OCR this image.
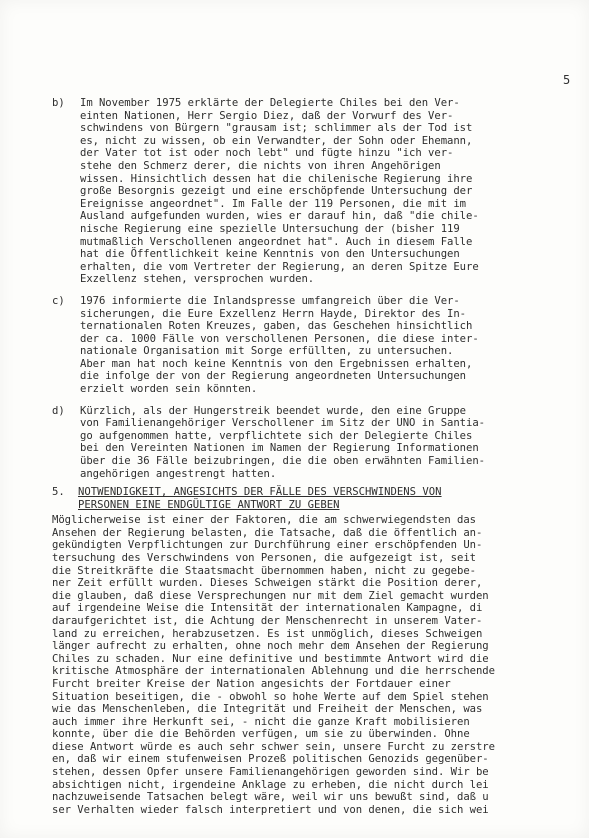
5
b)	Im November 1975 erklärte der Delegierte Chiles bei den Ver-
einten Nationen, Herr Sergio Diez, daß der Vorwurf des Ver-
schwindens von Bürgern "grausam ist; schlimmer als der Tod ist
es, nicht zu wissen, ob ein Verwandter, der Sohn oder Ehemann,
der Vater tot ist oder noch lebt" und fügte hinzu "ich ver-
stehe den Schmerz derer, die nichts von ihren Angehörigen
wissen. Hinsichtlich dessen hat die chilenische Regierung ihre
große Besorgnis gezeigt und eine erschöpfende Untersuchung der
Ereignisse angeordnet". Im Falle der 119 Personen, die mit im
Ausland aufgefunden wurden, wies er darauf hin, daß "die chile-
nische Regierung eine spezielle Untersuchung der (bisher 119
mutmaßlich Verschollenen angeordnet hat". Auch in diesem Falle
hat die Öffentlichkeit keine Kenntnis von den Untersuchungen
erhalten, die vom Vertreter der Regierung, an deren Spitze Eure
Exzellenz stehen, versprochen wurden.
c)	1976 informierte die Inlandspresse umfangreich über die Ver-
sicherungen, die Eure Exzellenz Herrn Hayde, Direktor des In-
ternationalen Roten Kreuzes, gaben, das Geschehen hinsichtlich
der ca. 1000 Fälle von verschollenen Personen, die diese inter-
nationale Organisation mit Sorge erfüllten, zu untersuchen.
Aber man hat noch keine Kenntnis von den Ergebnissen erhalten,
die infolge der von der Regierung angeordneten Untersuchungen
erzielt worden sein könnten.
d)	Kürzlich, als der Hungerstreik beendet wurde, den eine Gruppe
von Familienangehöriger Verschollener im Sitz der UNO in Santia-
go aufgenommen hatte, verpflichtete sich der Delegierte Chiles
bei den Vereinten Nationen im Namen der Regierung Informationen
über die 36 Fälle beizubringen, die die oben erwähnten Familien-
angehörigen angestrengt hatten.
5.	NOTWENDIGKEIT, ANGESICHTS DER FÄLLE DES VERSCHWINDENS VON
PERSONEN EINE ENDGÜLTIGE ANTWORT ZU GEBEN
Möglicherweise ist einer der Faktoren, die am schwerwiegendsten das
Ansehen der Regierung belasten, die Tatsache, daß die öffentlich an-
gekündigten Verpflichtungen zur Durchführung einer erschöpfenden Un-
tersuchung des Verschwindens von Personen, die aufgezeigt ist, seit
die Streitkräfte die Staatsmacht übernommen haben, nicht zu gegebe-
ner Zeit erfüllt wurden. Dieses Schweigen stärkt die Position derer,
die glauben, daß diese Versprechungen nur mit dem Ziel gemacht wurden
auf irgendeine Weise die Intensität der internationalen Kampagne, di
daraufgerichtet ist, die Achtung der Menschenrecht in unserem Vater-
land zu erreichen, herabzusetzen. Es ist unmöglich, dieses Schweigen
länger aufrecht zu erhalten, ohne noch mehr dem Ansehen der Regierung
Chiles zu schaden. Nur eine definitive und bestimmte Antwort wird die
kritische Atmosphäre der internationalen Ablehnung und die herrschende
Furcht breiter Kreise der Nation angesichts der Fortdauer einer
Situation beseitigen, die - obwohl so hohe Werte auf dem Spiel stehen
wie das Menschenleben, die Integrität und Freiheit der Menschen, was
auch immer ihre Herkunft sei, - nicht die ganze Kraft mobilisieren
konnte, über die die Behörden verfügen, um sie zu überwinden. Ohne
diese Antwort würde es auch sehr schwer sein, unsere Furcht zu zerstre
en, daß wir einem stufenweisen Prozeß politischen Genozids gegenüber-
stehen, dessen Opfer unsere Familienangehörigen geworden sind. Wir be
absichtigen nicht, irgendeine Anklage zu erheben, die nicht durch lei
nachzuweisende Tatsachen belegt wäre, weil wir uns bewußt sind, daß u
ser Verhalten wieder falsch interpretiert und von denen, die sich wei
